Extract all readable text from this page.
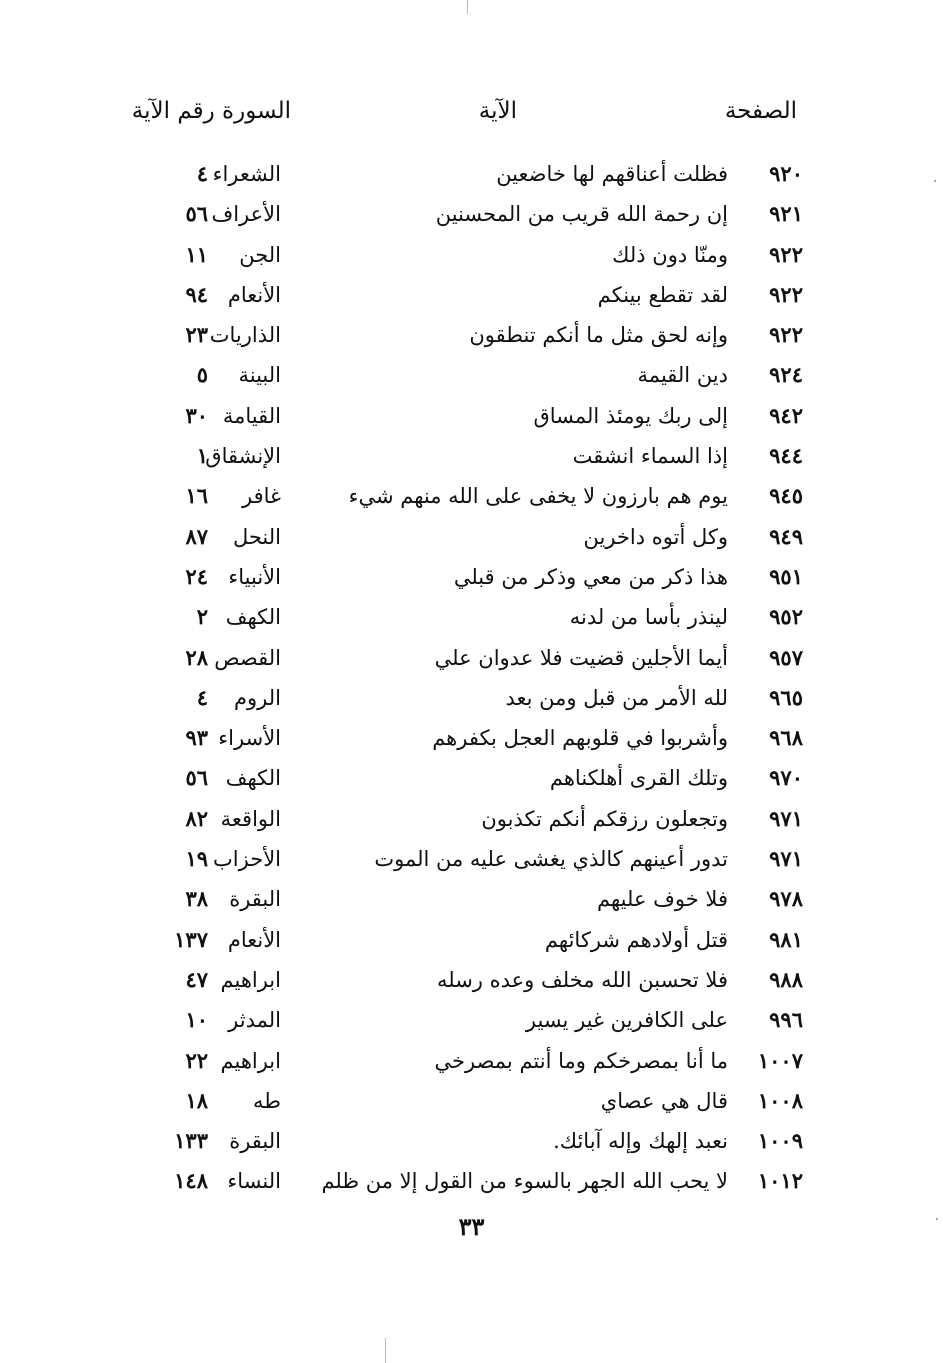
الصفحة
الآية
السورة رقم الآية
٩٢٠
فظلت أعناقهم لها خاضعين
الشعراء
٤
٩٢١
إن رحمة الله قريب من المحسنين
الأعراف
٥٦
٩٢٢
ومنّا دون ذلك
الجن
١١
٩٢٢
لقد تقطع بينكم
الأنعام
٩٤
٩٢٢
وإنه لحق مثل ما أنكم تنطقون
الذاريات
٢٣
٩٢٤
دين القيمة
البينة
٥
٩٤٢
إلى ربك يومئذ المساق
القيامة
٣٠
٩٤٤
إذا السماء انشقت
الإنشقاق
١
٩٤٥
يوم هم بارزون لا يخفى على الله منهم شيء
غافر
١٦
٩٤٩
وكل أتوه داخرين
النحل
٨٧
٩٥١
هذا ذكر من معي وذكر من قبلي
الأنبياء
٢٤
٩٥٢
لينذر بأسا من لدنه
الكهف
٢
٩٥٧
أيما الأجلين قضيت فلا عدوان علي
القصص
٢٨
٩٦٥
لله الأمر من قبل ومن بعد
الروم
٤
٩٦٨
وأشربوا في قلوبهم العجل بكفرهم
الأسراء
٩٣
٩٧٠
وتلك القرى أهلكناهم
الكهف
٥٦
٩٧١
وتجعلون رزقكم أنكم تكذبون
الواقعة
٨٢
٩٧١
تدور أعينهم كالذي يغشى عليه من الموت
الأحزاب
١٩
٩٧٨
فلا خوف عليهم
البقرة
٣٨
٩٨١
قتل أولادهم شركائهم
الأنعام
١٣٧
٩٨٨
فلا تحسبن الله مخلف وعده رسله
ابراهيم
٤٧
٩٩٦
على الكافرين غير يسير
المدثر
١٠
١٠٠٧
ما أنا بمصرخكم وما أنتم بمصرخي
ابراهيم
٢٢
١٠٠٨
قال هي عصاي
طه
١٨
١٠٠٩
نعبد إلهك وإله آبائك.
البقرة
١٣٣
١٠١٢
لا يحب الله الجهر بالسوء من القول إلا من ظلم
النساء
١٤٨
٣٣
